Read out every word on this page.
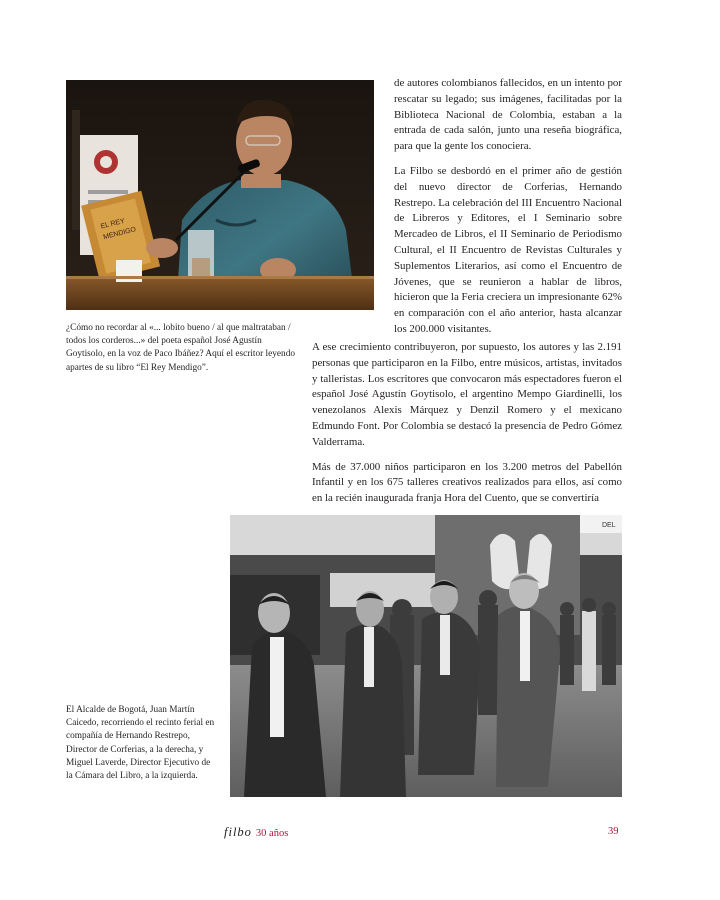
EL REY
MENDIGO
¿Cómo no recordar al «... lobito bueno / al que maltrataban / todos los corderos...» del poeta español José Agustín Goytisolo, en la voz de Paco Ibáñez? Aquí el escritor leyendo apartes de su libro “El Rey Mendigo”.

de autores colombianos fallecidos, en un intento por rescatar su legado; sus imágenes, facilitadas por la Biblioteca Nacional de Colombia, estaban a la entrada de cada salón, junto una reseña biográfica, para que la gente los conociera.

La Filbo se desbordó en el primer año de gestión del nuevo director de Corferias, Hernando Restrepo. La celebración del III Encuentro Nacional de Libreros y Editores, el I Seminario sobre Mercadeo de Libros, el II Seminario de Periodismo Cultural, el II Encuentro de Revistas Culturales y Suplementos Literarios, así como el Encuentro de Jóvenes, que se reunieron a hablar de libros, hicieron que la Feria creciera un impresionante 62% en comparación con el año anterior, hasta alcanzar los 200.000 visitantes.

A ese crecimiento contribuyeron, por supuesto, los autores y las 2.191 personas que participaron en la Filbo, entre músicos, artistas, invitados y talleristas. Los escritores que convocaron más espectadores fueron el español José Agustín Goytisolo, el argentino Mempo Giardinelli, los venezolanos Alexis Márquez y Denzil Romero y el mexicano Edmundo Font. Por Colombia se destacó la presencia de Pedro Gómez Valderrama.

Más de 37.000 niños participaron en los 3.200 metros del Pabellón Infantil y en los 675 talleres creativos realizados para ellos, así como en la recién inaugurada franja Hora del Cuento, que se convertiría

DEL
El Alcalde de Bogotá, Juan Martín Caicedo, recorriendo el recinto ferial en compañía de Hernando Restrepo, Director de Corferias, a la derecha, y Miguel Laverde, Director Ejecutivo de la Cámara del Libro, a la izquierda.
filbo 30 años	39
